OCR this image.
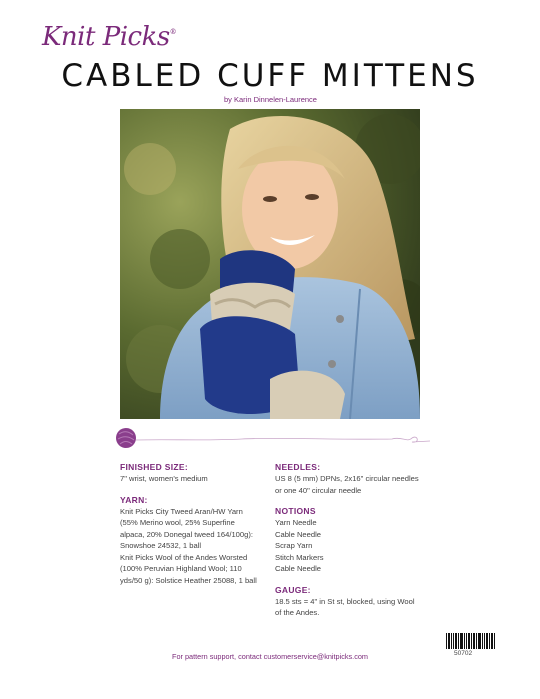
Knit Picks®
CABLED CUFF MITTENS
by Karin Dinnelen-Laurence
FINISHED SIZE:

7" wrist, women's medium

YARN:

Knit Picks City Tweed Aran/HW Yarn

(55% Merino wool, 25% Superfine

alpaca, 20% Donegal tweed 164/100g):

Snowshoe 24532, 1 ball

Knit Picks Wool of the Andes Worsted

(100% Peruvian Highland Wool; 110

yds/50 g): Solstice Heather 25088, 1 ball

NEEDLES:

US 8 (5 mm) DPNs, 2x16" circular needles

or one 40" circular needle

NOTIONS

Yarn Needle

Cable Needle

Scrap Yarn

Stitch Markers

Cable Needle

GAUGE:

18.5 sts = 4" in St st, blocked, using Wool

of the Andes.

50702
For pattern support, contact customerservice@knitpicks.com
